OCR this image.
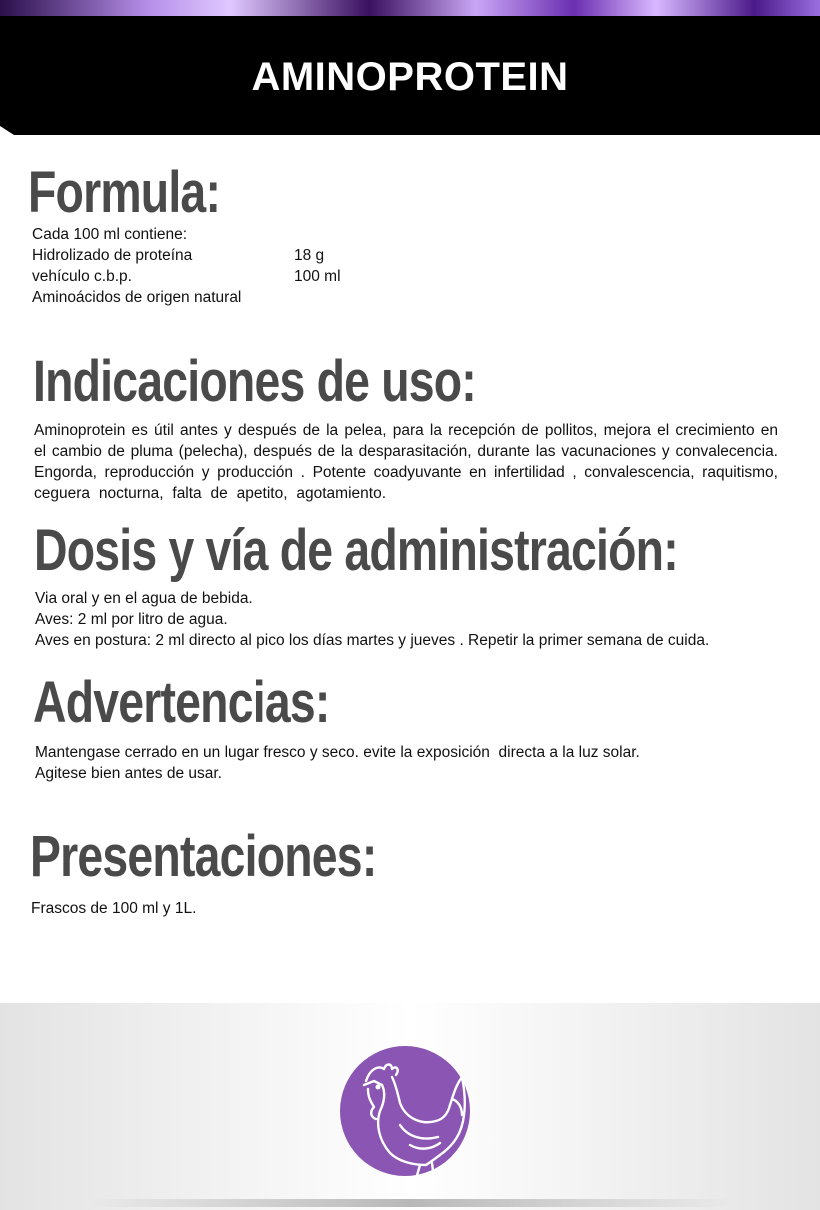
AMINOPROTEIN
Formula:
Cada 100 ml contiene:
Hidrolizado de proteína	18 g
vehículo c.b.p.	100 ml
Aminoácidos de origen natural
Indicaciones de uso:
Aminoprotein es útil antes y después de la pelea, para la recepción de pollitos, mejora el crecimiento en
el cambio de pluma (pelecha), después de la desparasitación, durante las vacunaciones y convalecencia.
Engorda, reproducción y producción . Potente coadyuvante en infertilidad , convalescencia, raquitismo,
ceguera nocturna, falta de apetito, agotamiento.
Dosis y vía de administración:
Via oral y en el agua de bebida.
Aves: 2 ml por litro de agua.
Aves en postura: 2 ml directo al pico los días martes y jueves . Repetir la primer semana de cuida.
Advertencias:
Mantengase cerrado en un lugar fresco y seco. evite la exposición  directa a la luz solar.
Agitese bien antes de usar.
Presentaciones:
Frascos de 100 ml y 1L.
